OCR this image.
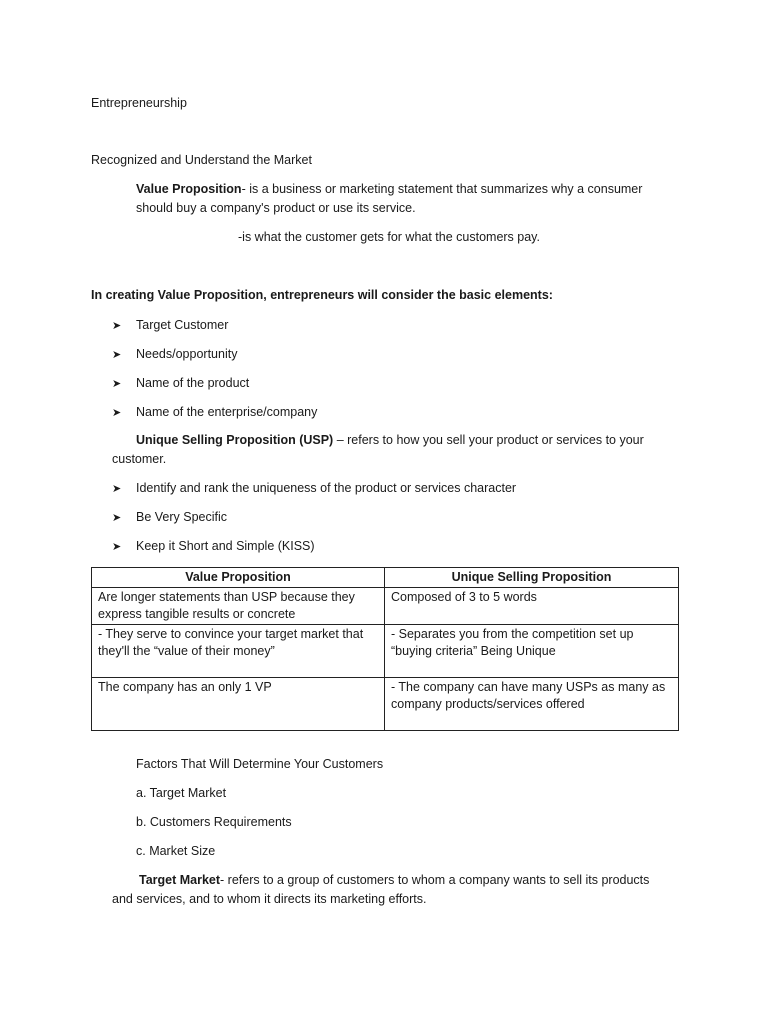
Entrepreneurship
Recognized and Understand the Market
Value Proposition- is a business or marketing statement that summarizes why a consumer
should buy a company's product or use its service.
-is what the customer gets for what the customers pay.
In creating Value Proposition, entrepreneurs will consider the basic elements:
➤ Target Customer
➤ Needs/opportunity
➤ Name of the product
➤ Name of the enterprise/company
Unique Selling Proposition (USP) – refers to how you sell your product or services to your
customer.
➤ Identify and rank the uniqueness of the product or services character
➤ Be Very Specific
➤ Keep it Short and Simple (KISS)
Value Proposition	Unique Selling Proposition
Are longer statements than USP because they express tangible results or concrete	Composed of 3 to 5 words
- They serve to convince your target market that they'll the “value of their money”	- Separates you from the competition set up “buying criteria” Being Unique
The company has an only 1 VP	- The company can have many USPs as many as company products/services offered
Factors That Will Determine Your Customers
a. Target Market
b. Customers Requirements
c. Market Size
Target Market- refers to a group of customers to whom a company wants to sell its products
and services, and to whom it directs its marketing efforts.
